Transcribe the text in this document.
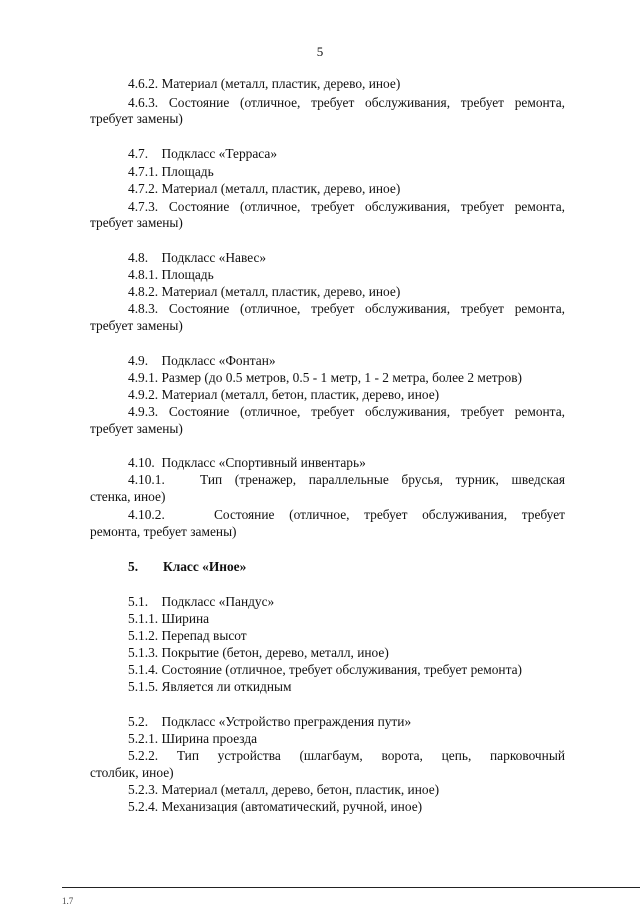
5
4.6.2. Материал (металл, пластик, дерево, иное)
4.6.3. Состояние (отличное, требует обслуживания, требует ремонта,
требует замены)
4.7.    Подкласс «Терраса»
4.7.1. Площадь
4.7.2. Материал (металл, пластик, дерево, иное)
4.7.3. Состояние (отличное, требует обслуживания, требует ремонта,
требует замены)
4.8.    Подкласс «Навес»
4.8.1. Площадь
4.8.2. Материал (металл, пластик, дерево, иное)
4.8.3. Состояние (отличное, требует обслуживания, требует ремонта,
требует замены)
4.9.    Подкласс «Фонтан»
4.9.1. Размер (до 0.5 метров, 0.5 - 1 метр, 1 - 2 метра, более 2 метров)
4.9.2. Материал (металл, бетон, пластик, дерево, иное)
4.9.3. Состояние (отличное, требует обслуживания, требует ремонта,
требует замены)
4.10.  Подкласс «Спортивный инвентарь»
4.10.1.	Тип (тренажер, параллельные брусья, турник, шведская
стенка, иное)
4.10.2.	Состояние (отличное, требует обслуживания, требует
ремонта, требует замены)
5. Класс «Иное»
5.1.    Подкласс «Пандус»
5.1.1. Ширина
5.1.2. Перепад высот
5.1.3. Покрытие (бетон, дерево, металл, иное)
5.1.4. Состояние (отличное, требует обслуживания, требует ремонта)
5.1.5. Является ли откидным
5.2.    Подкласс «Устройство преграждения пути»
5.2.1. Ширина проезда
5.2.2. Тип устройства (шлагбаум, ворота, цепь, парковочный
столбик, иное)
5.2.3. Материал (металл, дерево, бетон, пластик, иное)
5.2.4. Механизация (автоматический, ручной, иное)
1.7
